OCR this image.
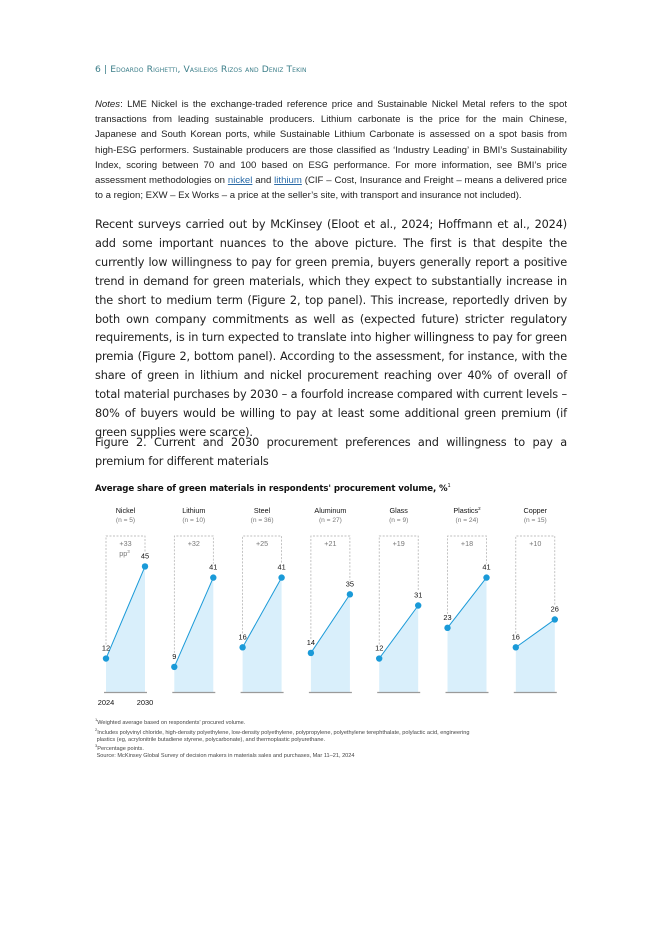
6 | Edoardo Righetti, Vasileios Rizos and Deniz Tekin
Notes: LME Nickel is the exchange-traded reference price and Sustainable Nickel Metal refers to the spot transactions from leading sustainable producers. Lithium carbonate is the price for the main Chinese, Japanese and South Korean ports, while Sustainable Lithium Carbonate is assessed on a spot basis from high-ESG performers. Sustainable producers are those classified as ‘Industry Leading’ in BMI’s Sustainability Index, scoring between 70 and 100 based on ESG performance. For more information, see BMI’s price assessment methodologies on nickel and lithium (CIF – Cost, Insurance and Freight – means a delivered price to a region; EXW – Ex Works – a price at the seller’s site, with transport and insurance not included).
Recent surveys carried out by McKinsey (Eloot et al., 2024; Hoffmann et al., 2024) add some important nuances to the above picture. The first is that despite the currently low willingness to pay for green premia, buyers generally report a positive trend in demand for green materials, which they expect to substantially increase in the short to medium term (Figure 2, top panel). This increase, reportedly driven by both own company commitments as well as (expected future) stricter regulatory requirements, is in turn expected to translate into higher willingness to pay for green premia (Figure 2, bottom panel). According to the assessment, for instance, with the share of green in lithium and nickel procurement reaching over 40% of overall of total material purchases by 2030 – a fourfold increase compared with current levels – 80% of buyers would be willing to pay at least some additional green premium (if green supplies were scarce).
Figure 2. Current and 2030 procurement preferences and willingness to pay a premium for different materials
Average share of green materials in respondents' procurement volume, %$^1$
Nickel
(n = 5)
+33
$pp^3$
12
45
2024	2030
Lithium
(n = 10)
+32
9
41
Steel
(n = 36)
+25
16
41
Aluminum
(n = 27)
+21
14
35
Glass
(n = 9)
+19
12
31
Plastics$^2$
(n = 24)
+18
23
41
Copper
(n = 15)
+10
16
26
$^1$Weighted average based on respondents' procured volume.
$^2$Includes polyvinyl chloride, high-density polyethylene, low-density polyethylene, polypropylene, polyethylene terephthalate, polylactic acid, engineering
plastics (eg, acrylonitrile butadiene styrene, polycarbonate), and thermoplastic polyurethane.
$^3$Percentage points.
Source: McKinsey Global Survey of decision makers in materials sales and purchases, Mar 11–21, 2024
